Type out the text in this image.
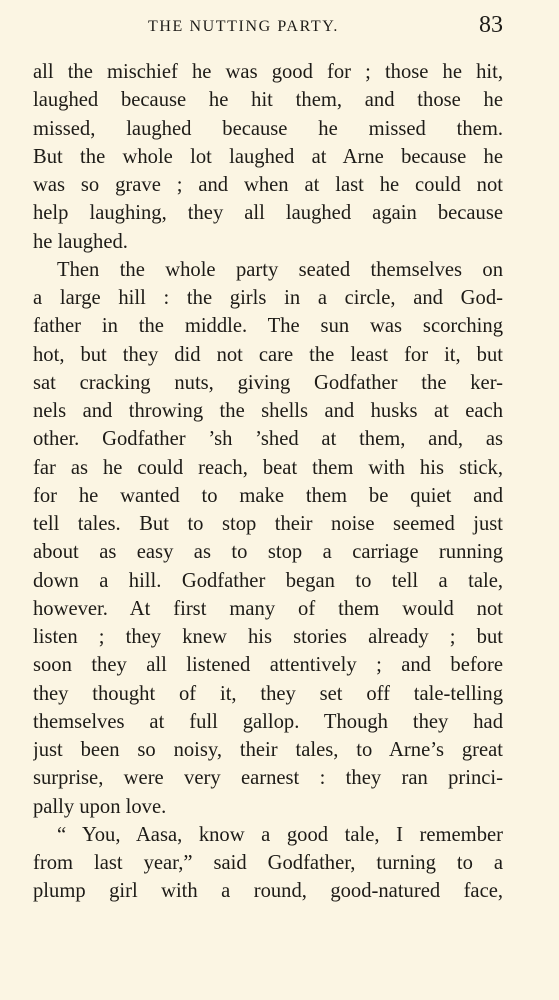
THE NUTTING PARTY.	83
all the mischief he was good for ; those he hit,
laughed because he hit them, and those he
missed, laughed because he missed them.
But the whole lot laughed at Arne because he
was so grave ; and when at last he could not
help laughing, they all laughed again because
he laughed.
Then the whole party seated themselves on
a large hill : the girls in a circle, and God-
father in the middle. The sun was scorching
hot, but they did not care the least for it, but
sat cracking nuts, giving Godfather the ker-
nels and throwing the shells and husks at each
other. Godfather ’sh ’shed at them, and, as
far as he could reach, beat them with his stick,
for he wanted to make them be quiet and
tell tales. But to stop their noise seemed just
about as easy as to stop a carriage running
down a hill. Godfather began to tell a tale,
however. At first many of them would not
listen ; they knew his stories already ; but
soon they all listened attentively ; and before
they thought of it, they set off tale-telling
themselves at full gallop. Though they had
just been so noisy, their tales, to Arne’s great
surprise, were very earnest : they ran princi-
pally upon love.
“ You, Aasa, know a good tale, I remember
from last year,” said Godfather, turning to a
plump girl with a round, good-natured face,
